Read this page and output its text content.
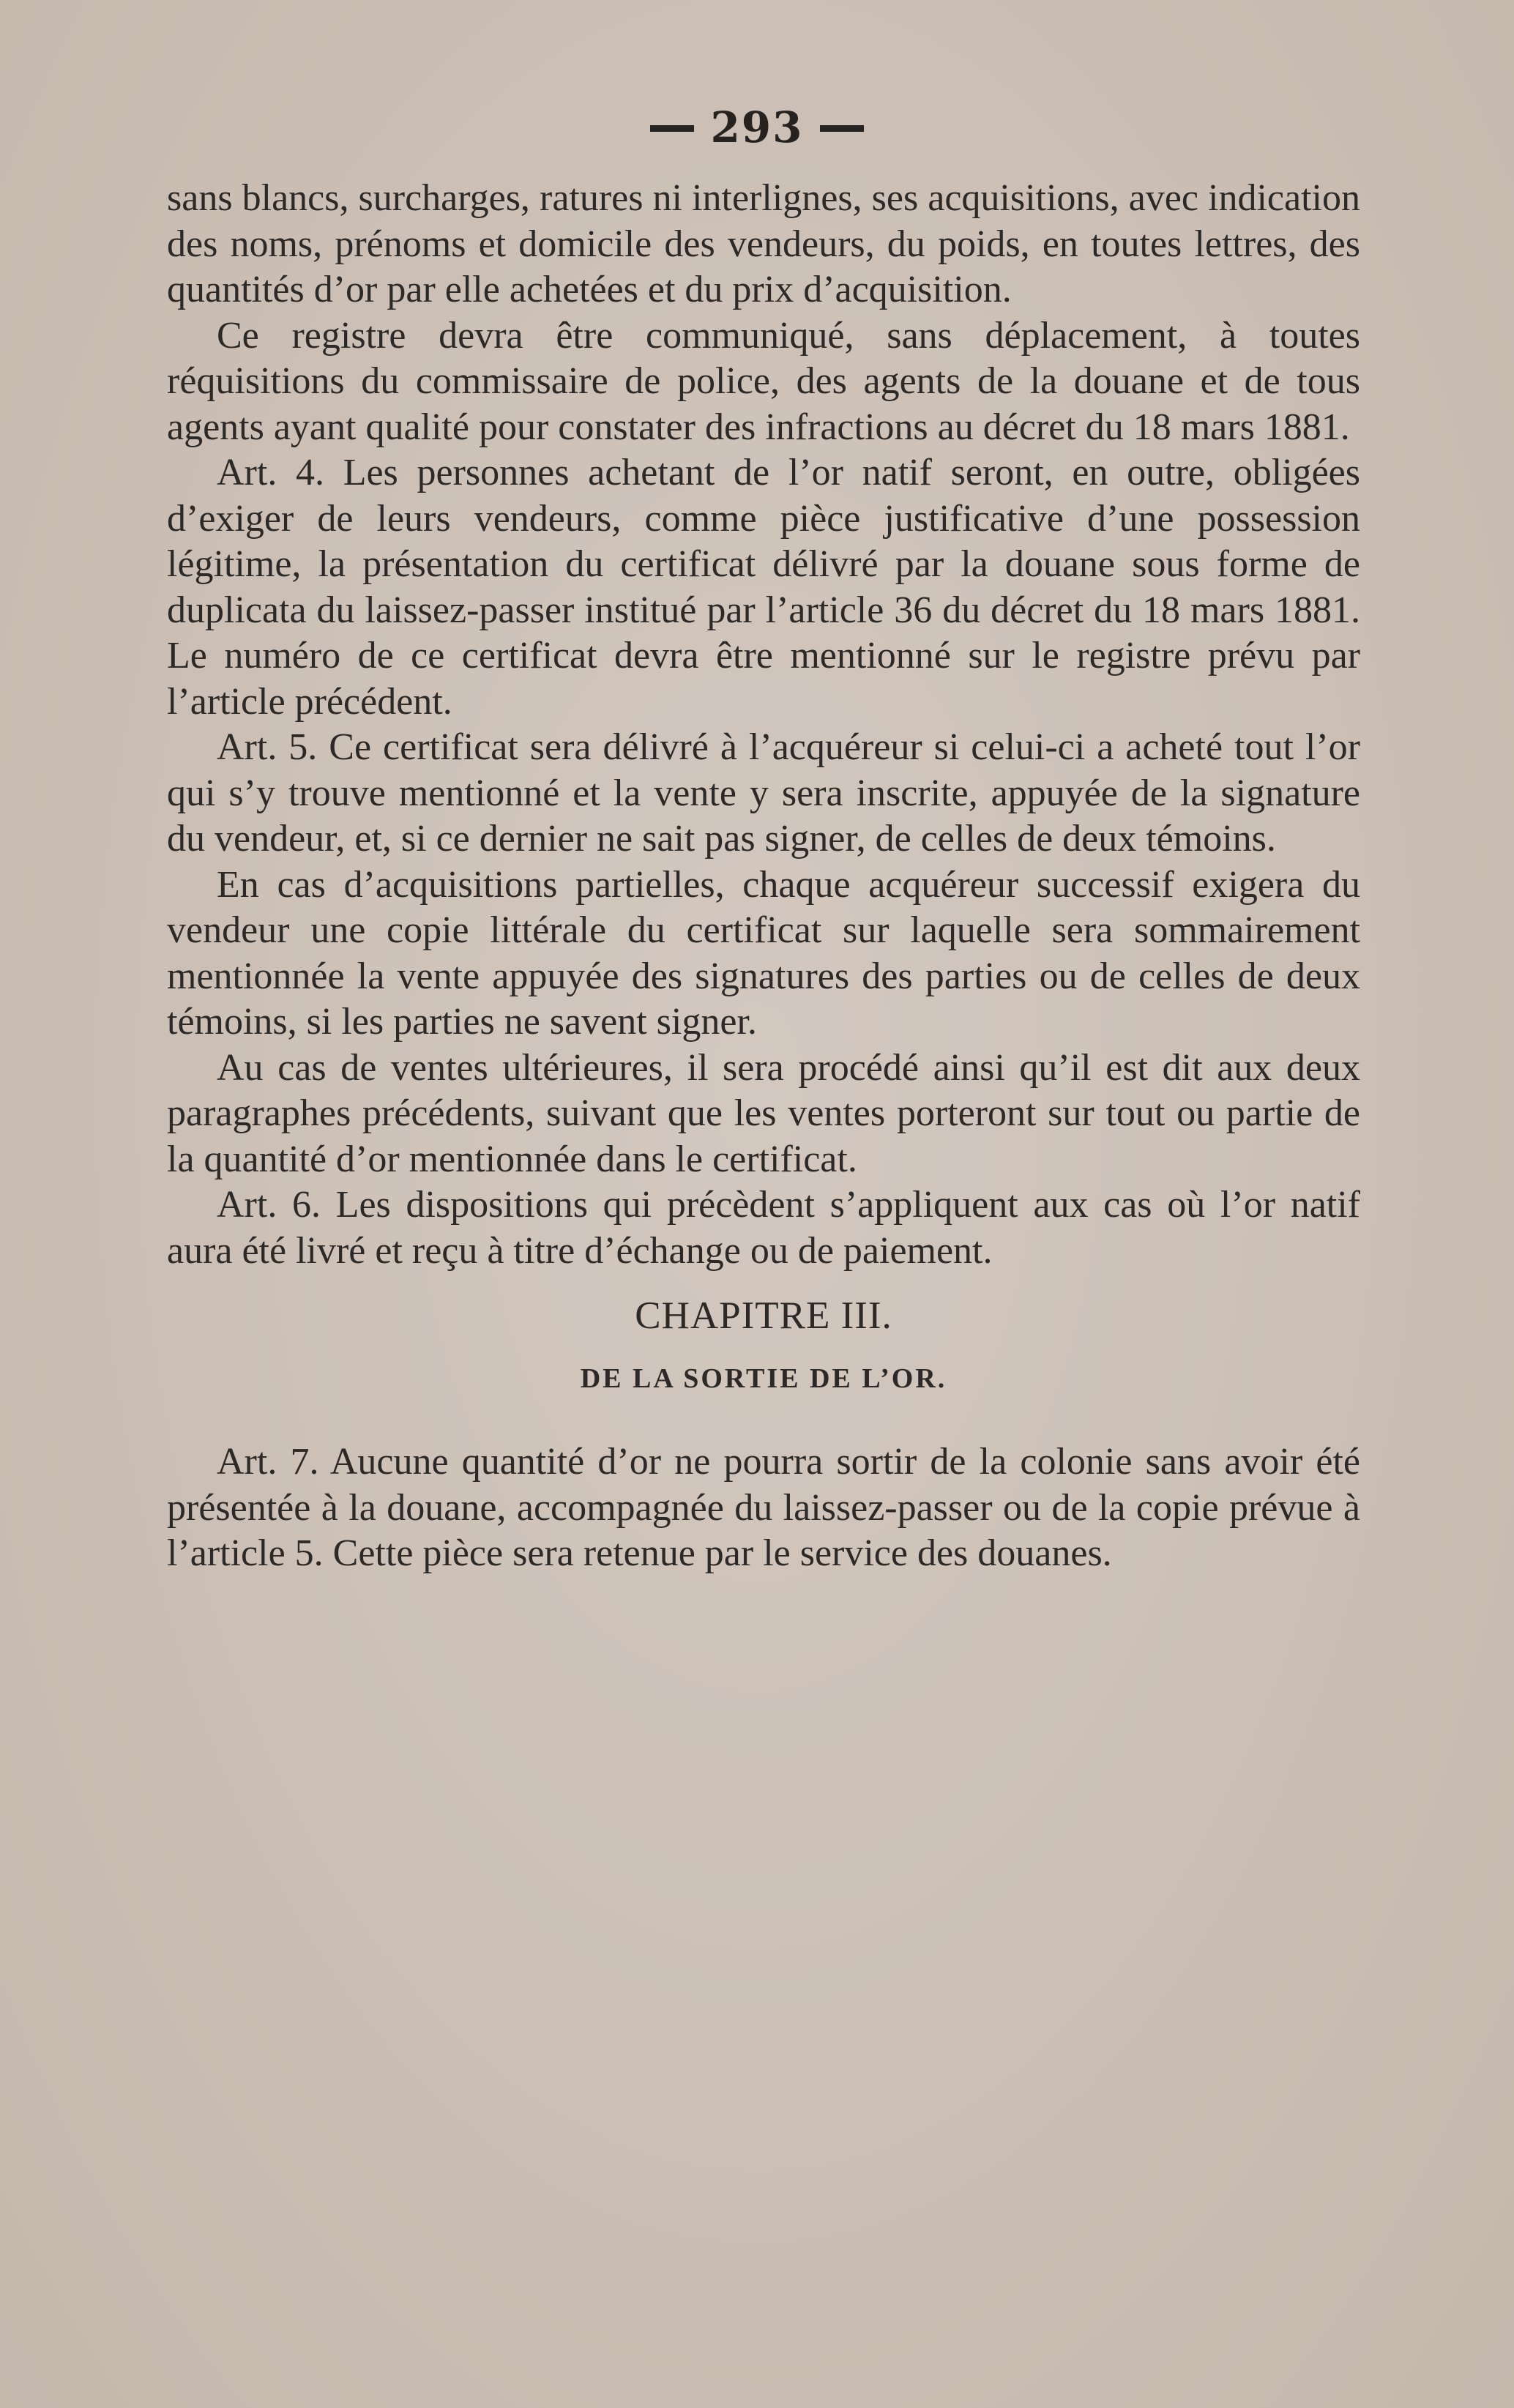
293

sans blancs, surcharges, ratures ni interlignes, ses acquisitions, avec indication des noms, prénoms et domicile des vendeurs, du poids, en toutes lettres, des quantités d’or par elle achetées et du prix d’acquisition.

Ce registre devra être communiqué, sans déplacement, à toutes réquisitions du commissaire de police, des agents de la douane et de tous agents ayant qualité pour constater des infractions au décret du 18 mars 1881.

Art. 4. Les personnes achetant de l’or natif seront, en outre, obligées d’exiger de leurs vendeurs, comme pièce justificative d’une possession légitime, la présentation du certificat délivré par la douane sous forme de duplicata du laissez-passer institué par l’article 36 du décret du 18 mars 1881. Le numéro de ce certificat devra être mentionné sur le registre prévu par l’article précédent.

Art. 5. Ce certificat sera délivré à l’acquéreur si celui-ci a acheté tout l’or qui s’y trouve mentionné et la vente y sera inscrite, appuyée de la signature du vendeur, et, si ce dernier ne sait pas signer, de celles de deux témoins.

En cas d’acquisitions partielles, chaque acquéreur successif exigera du vendeur une copie littérale du certificat sur laquelle sera sommairement mentionnée la vente appuyée des signatures des parties ou de celles de deux témoins, si les parties ne savent signer.

Au cas de ventes ultérieures, il sera procédé ainsi qu’il est dit aux deux paragraphes précédents, suivant que les ventes porteront sur tout ou partie de la quantité d’or mentionnée dans le certificat.

Art. 6. Les dispositions qui précèdent s’appliquent aux cas où l’or natif aura été livré et reçu à titre d’échange ou de paiement.

CHAPITRE III.
DE LA SORTIE DE L’OR.

Art. 7. Aucune quantité d’or ne pourra sortir de la colonie sans avoir été présentée à la douane, accompagnée du laissez-passer ou de la copie prévue à l’article 5. Cette pièce sera retenue par le service des douanes.
